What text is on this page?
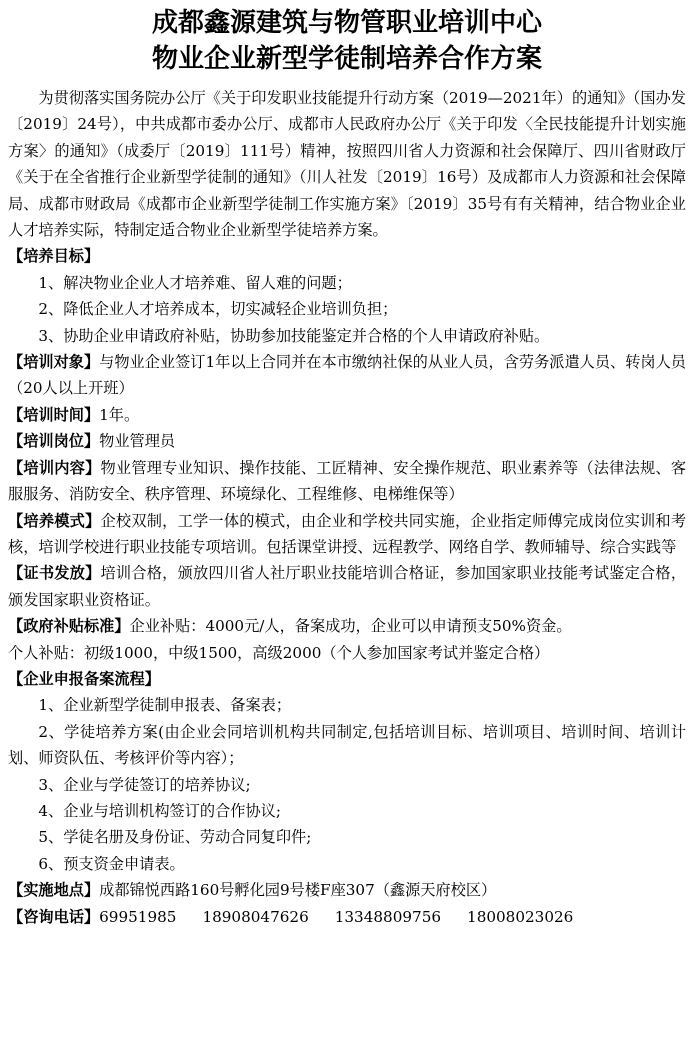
成都鑫源建筑与物管职业培训中心
物业企业新型学徒制培养合作方案

为贯彻落实国务院办公厅《关于印发职业技能提升行动方案（2019—2021年）的通知》（国办发〔2019〕24号），中共成都市委办公厅、成都市人民政府办公厅《关于印发〈全民技能提升计划实施方案〉的通知》（成委厅〔2019〕111号）精神，按照四川省人力资源和社会保障厅、四川省财政厅《关于在全省推行企业新型学徒制的通知》（川人社发〔2019〕16号）及成都市人力资源和社会保障局、成都市财政局《成都市企业新型学徒制工作实施方案》〔2019〕35号有有关精神，结合物业企业人才培养实际，特制定适合物业企业新型学徒培养方案。

【培养目标】

1、解决物业企业人才培养难、留人难的问题；

2、降低企业人才培养成本，切实减轻企业培训负担；

3、协助企业申请政府补贴，协助参加技能鉴定并合格的个人申请政府补贴。

【培训对象】与物业企业签订1年以上合同并在本市缴纳社保的从业人员，含劳务派遣人员、转岗人员（20人以上开班）

【培训时间】1年。

【培训岗位】物业管理员

【培训内容】物业管理专业知识、操作技能、工匠精神、安全操作规范、职业素养等（法律法规、客服服务、消防安全、秩序管理、环境绿化、工程维修、电梯维保等）

【培养模式】企校双制，工学一体的模式，由企业和学校共同实施，企业指定师傅完成岗位实训和考核，培训学校进行职业技能专项培训。包括课堂讲授、远程教学、网络自学、教师辅导、综合实践等

【证书发放】培训合格，颁放四川省人社厅职业技能培训合格证，参加国家职业技能考试鉴定合格，颁发国家职业资格证。

【政府补贴标准】企业补贴：4000元/人，备案成功，企业可以申请预支50%资金。

个人补贴：初级1000，中级1500，高级2000（个人参加国家考试并鉴定合格）

【企业申报备案流程】

1、企业新型学徒制申报表、备案表；

2、学徒培养方案(由企业会同培训机构共同制定,包括培训目标、培训项目、培训时间、培训计划、师资队伍、考核评价等内容）；

3、企业与学徒签订的培养协议;

4、企业与培训机构签订的合作协议;

5、学徒名册及身份证、劳动合同复印件;

6、预支资金申请表。

【实施地点】成都锦悦西路160号孵化园9号楼F座307（鑫源天府校区）

【咨询电话】69951985 18908047626 13348809756 18008023026
